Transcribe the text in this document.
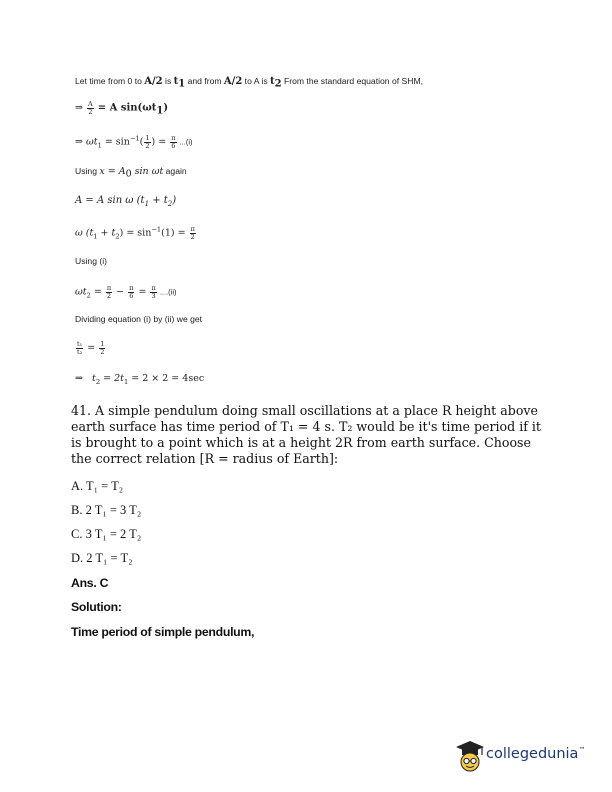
Let time from 0 to A/2 is $t_1$ and from A/2 to A is $t_2$ From the standard equation of SHM,
⇒ $\frac{A}{2} = A$ $\sin(\omega t_1)$
⇒ $\omega t_1 = \sin^{-1}( \frac{1}{2}$ ) = $\frac{\pi}{6} ...(i)$
Using $x = A_0$ sin ωt again
A = A sin ω $(t_1 + t_2)$
ω $(t_1 + t_2) = \sin^{-1}(1) = \frac{\pi}{2}$
Using (i)
$\omega t_2 = \frac{\pi}{2} - \frac{\pi}{6} = \frac{\pi}{3} ....(ii)$
Dividing equation (i) by (ii) we get
$\frac{\text{t₁}}{\text{t₂}} = \frac{1}{2}$
⇒ $t_2 = 2t_1 = 2 \times 2 = 4\sec$
41. A simple pendulum doing small oscillations at a place R height above earth surface has time period of T₁ = 4 s. T₂ would be it's time period if it is brought to a point which is at a height 2R from earth surface. Choose the correct relation [R = radius of Earth]:
A. T₁ = T₂
B. 2 T₁ = 3 T₂
C. 3 T₁ = 2 T₂
D. 2 T₁ = T₂
Ans. C
Solution:
Time period of simple pendulum,
collegedunia™
